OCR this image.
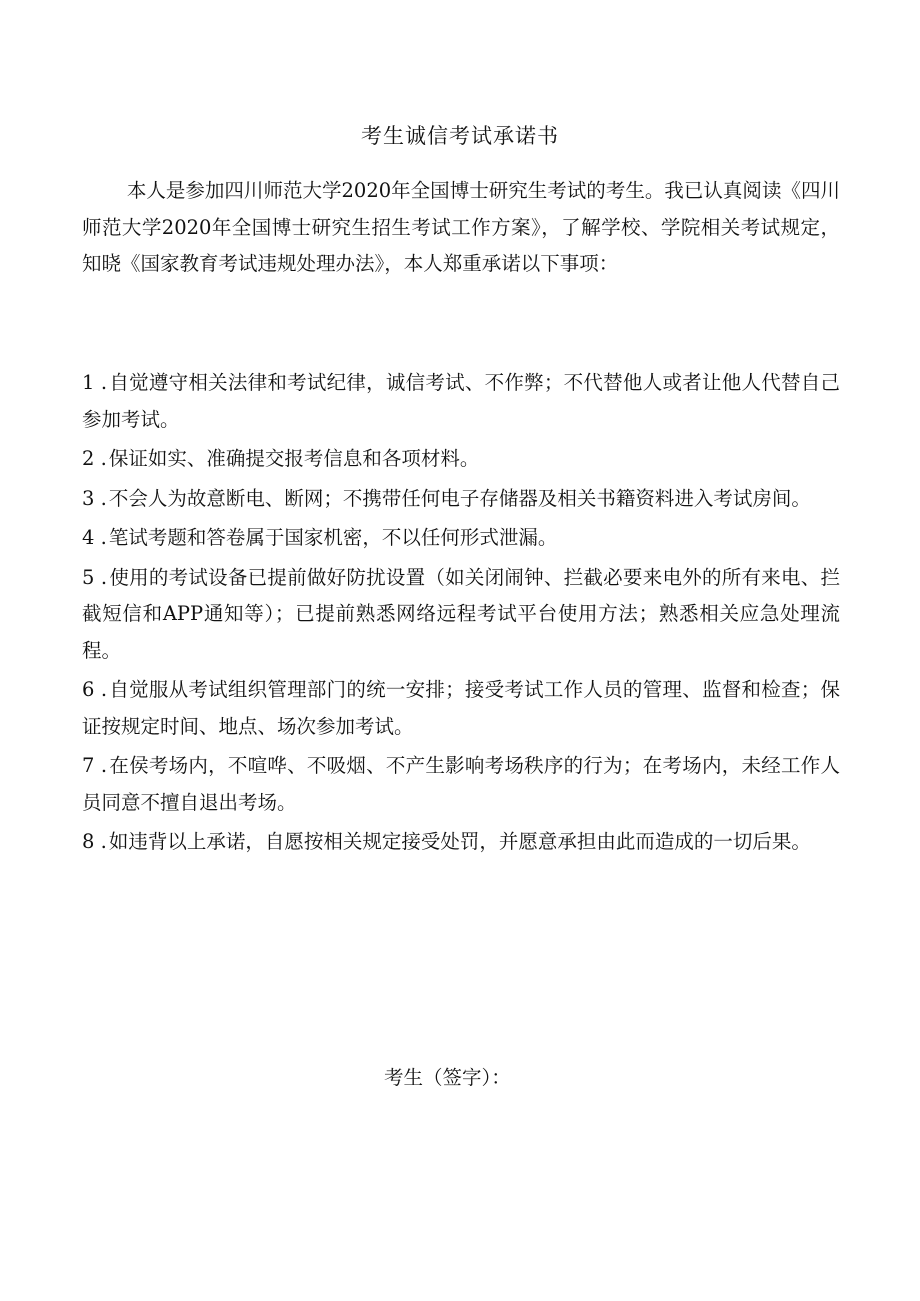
考生诚信考试承诺书

本人是参加四川师范大学2020年全国博士研究生考试的考生。我已认真阅读《四川师范大学2020年全国博士研究生招生考试工作方案》，了解学校、学院相关考试规定，知晓《国家教育考试违规处理办法》，本人郑重承诺以下事项：

1 . 自觉遵守相关法律和考试纪律，诚信考试、不作弊；不代替他人或者让他人代替自己参加考试。
2 . 保证如实、准确提交报考信息和各项材料。
3 . 不会人为故意断电、断网；不携带任何电子存储器及相关书籍资料进入考试房间。
4 . 笔试考题和答卷属于国家机密，不以任何形式泄漏。
5 . 使用的考试设备已提前做好防扰设置（如关闭闹钟、拦截必要来电外的所有来电、拦截短信和APP通知等）；已提前熟悉网络远程考试平台使用方法；熟悉相关应急处理流程。
6 . 自觉服从考试组织管理部门的统一安排；接受考试工作人员的管理、监督和检查；保证按规定时间、地点、场次参加考试。
7 . 在侯考场内，不喧哗、不吸烟、不产生影响考场秩序的行为；在考场内，未经工作人员同意不擅自退出考场。
8 . 如违背以上承诺，自愿按相关规定接受处罚，并愿意承担由此而造成的一切后果。

考生（签字）：
